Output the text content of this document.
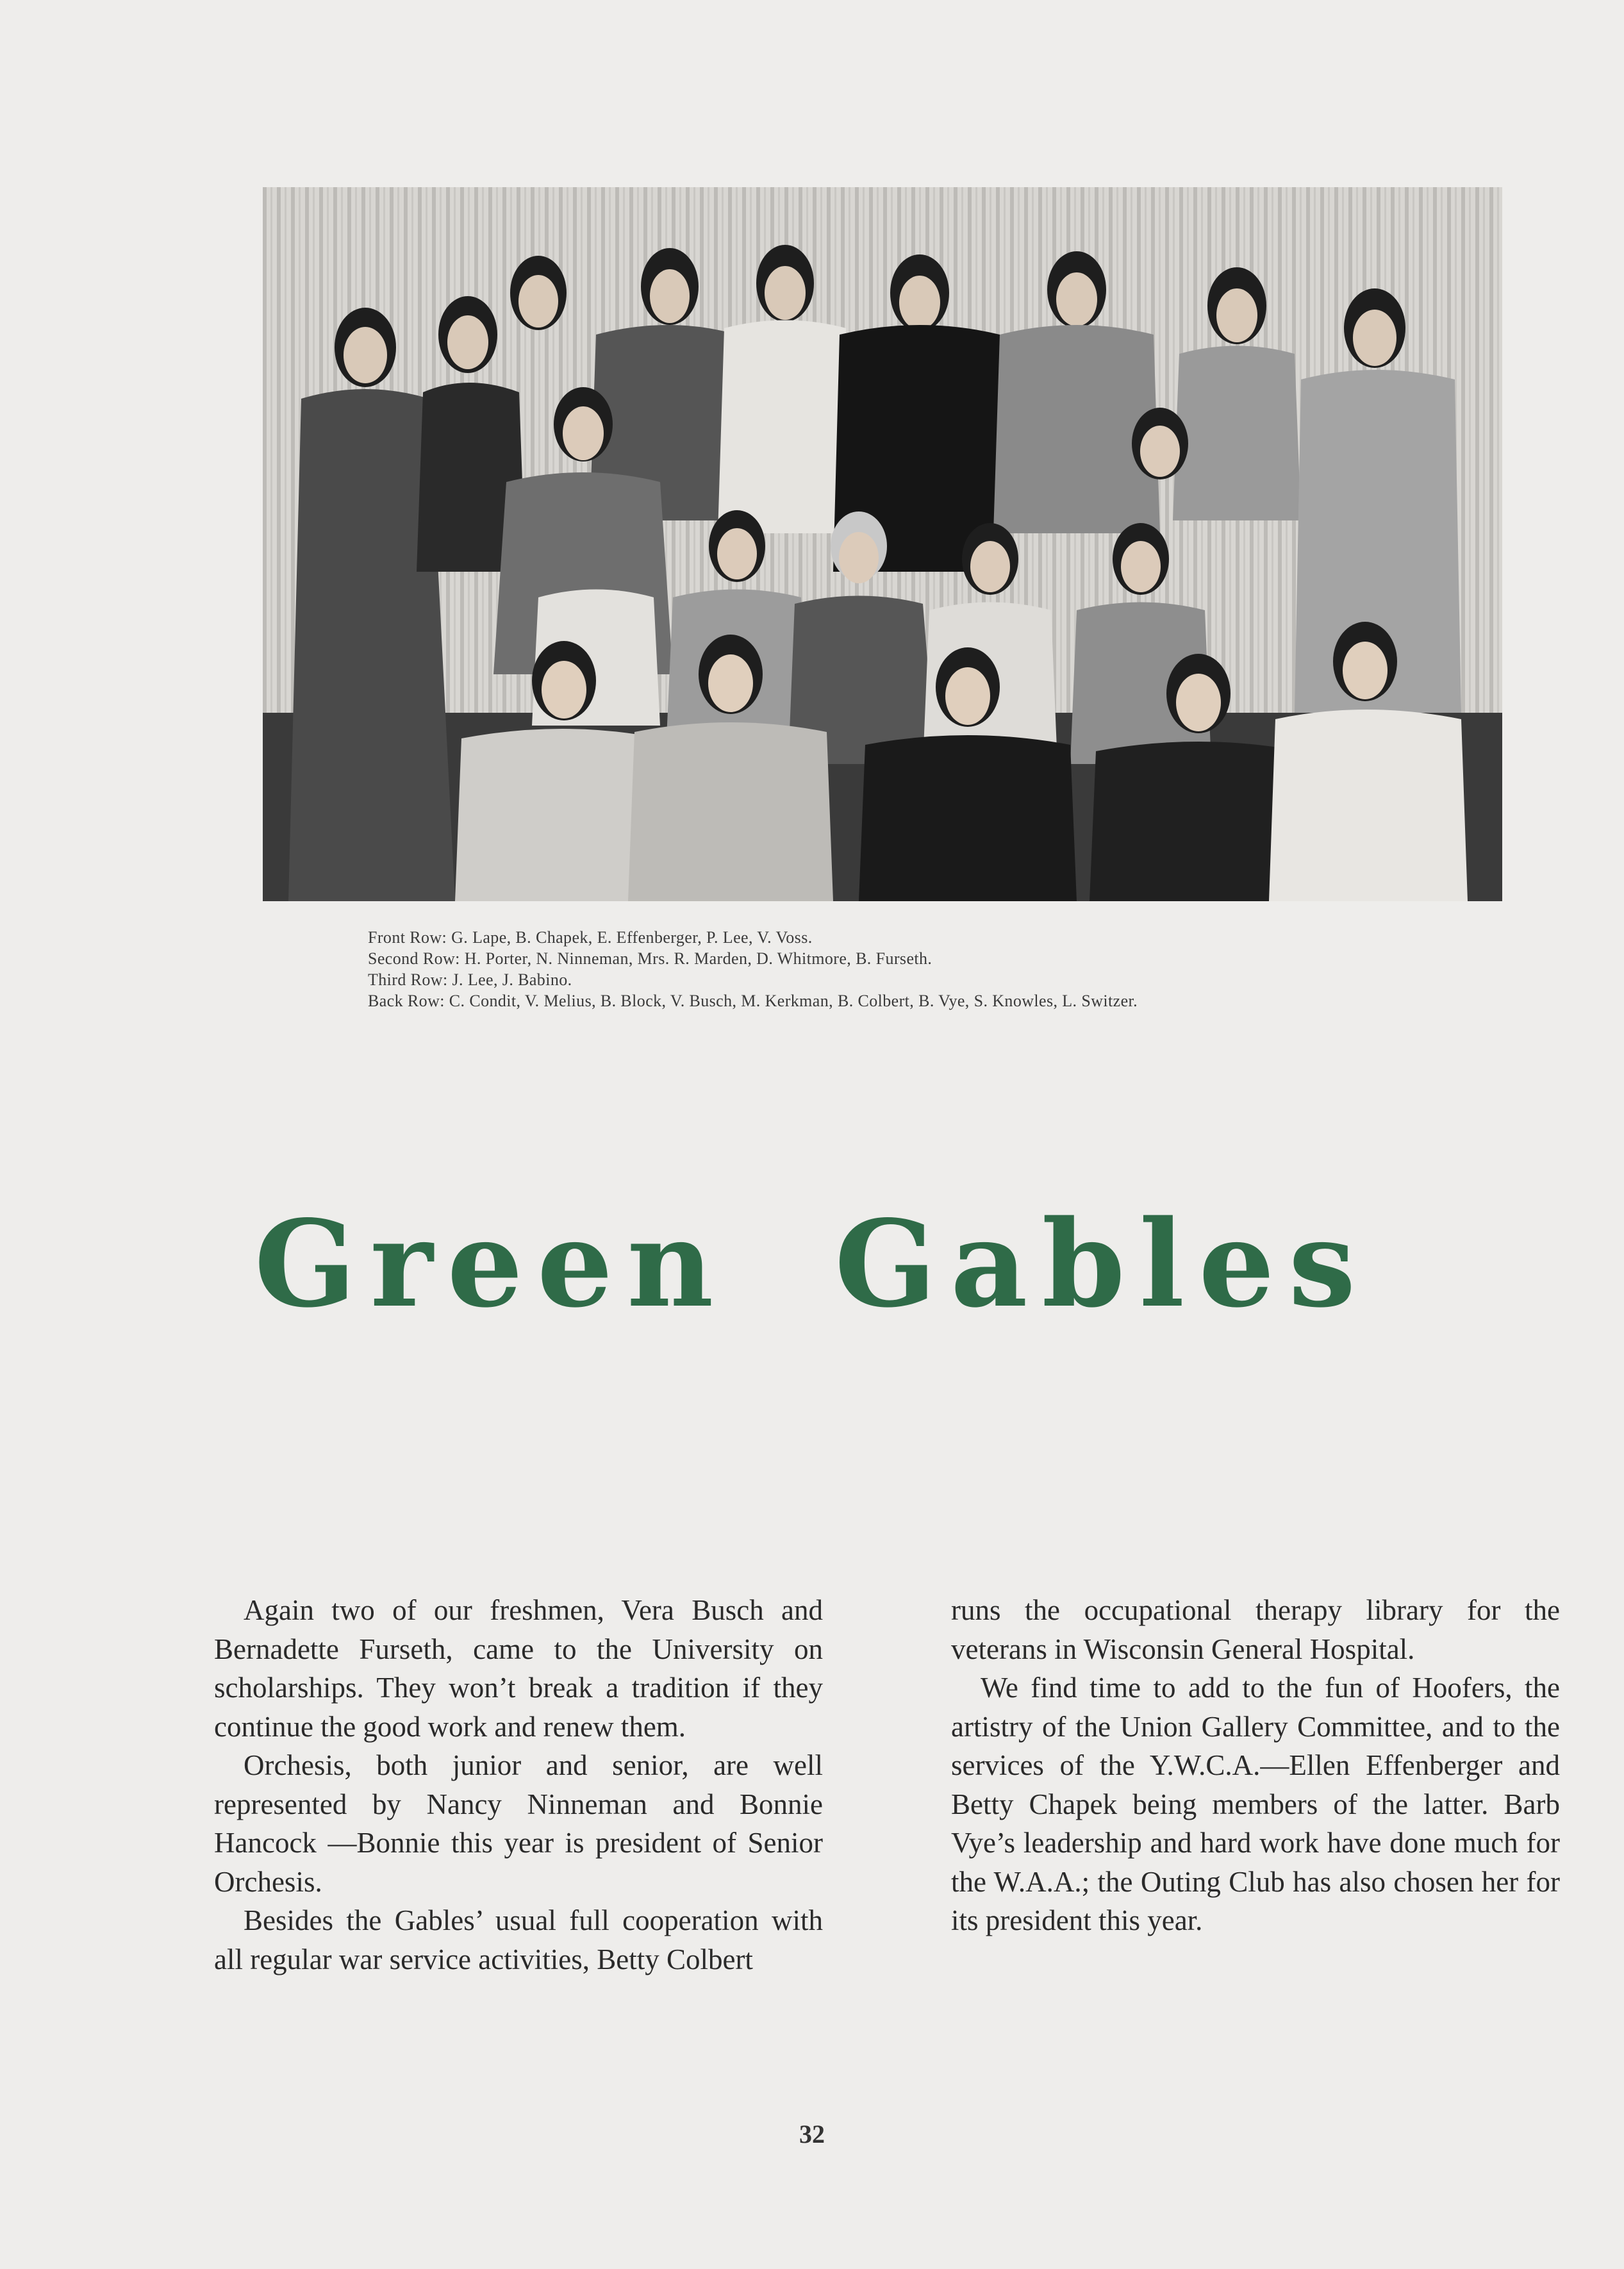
Front Row: G. Lape, B. Chapek, E. Effenberger, P. Lee, V. Voss.
Second Row: H. Porter, N. Ninneman, Mrs. R. Marden, D. Whitmore, B. Furseth.
Third Row: J. Lee, J. Babino.
Back Row: C. Condit, V. Melius, B. Block, V. Busch, M. Kerkman, B. Colbert, B. Vye, S. Knowles, L. Switzer.
Green Gables

Again two of our freshmen, Vera Busch and Bernadette Furseth, came to the University on scholarships. They won’t break a tradition if they continue the good work and renew them.

Orchesis, both junior and senior, are well represented by Nancy Ninneman and Bonnie Hancock —Bonnie this year is president of Senior Orchesis.

Besides the Gables’ usual full cooperation with all regular war service activities, Betty Colbert

runs the occupational therapy library for the veterans in Wisconsin General Hospital.

We find time to add to the fun of Hoofers, the artistry of the Union Gallery Committee, and to the services of the Y.W.C.A.—Ellen Effenberger and Betty Chapek being members of the latter. Barb Vye’s leadership and hard work have done much for the W.A.A.; the Outing Club has also chosen her for its president this year.

32
